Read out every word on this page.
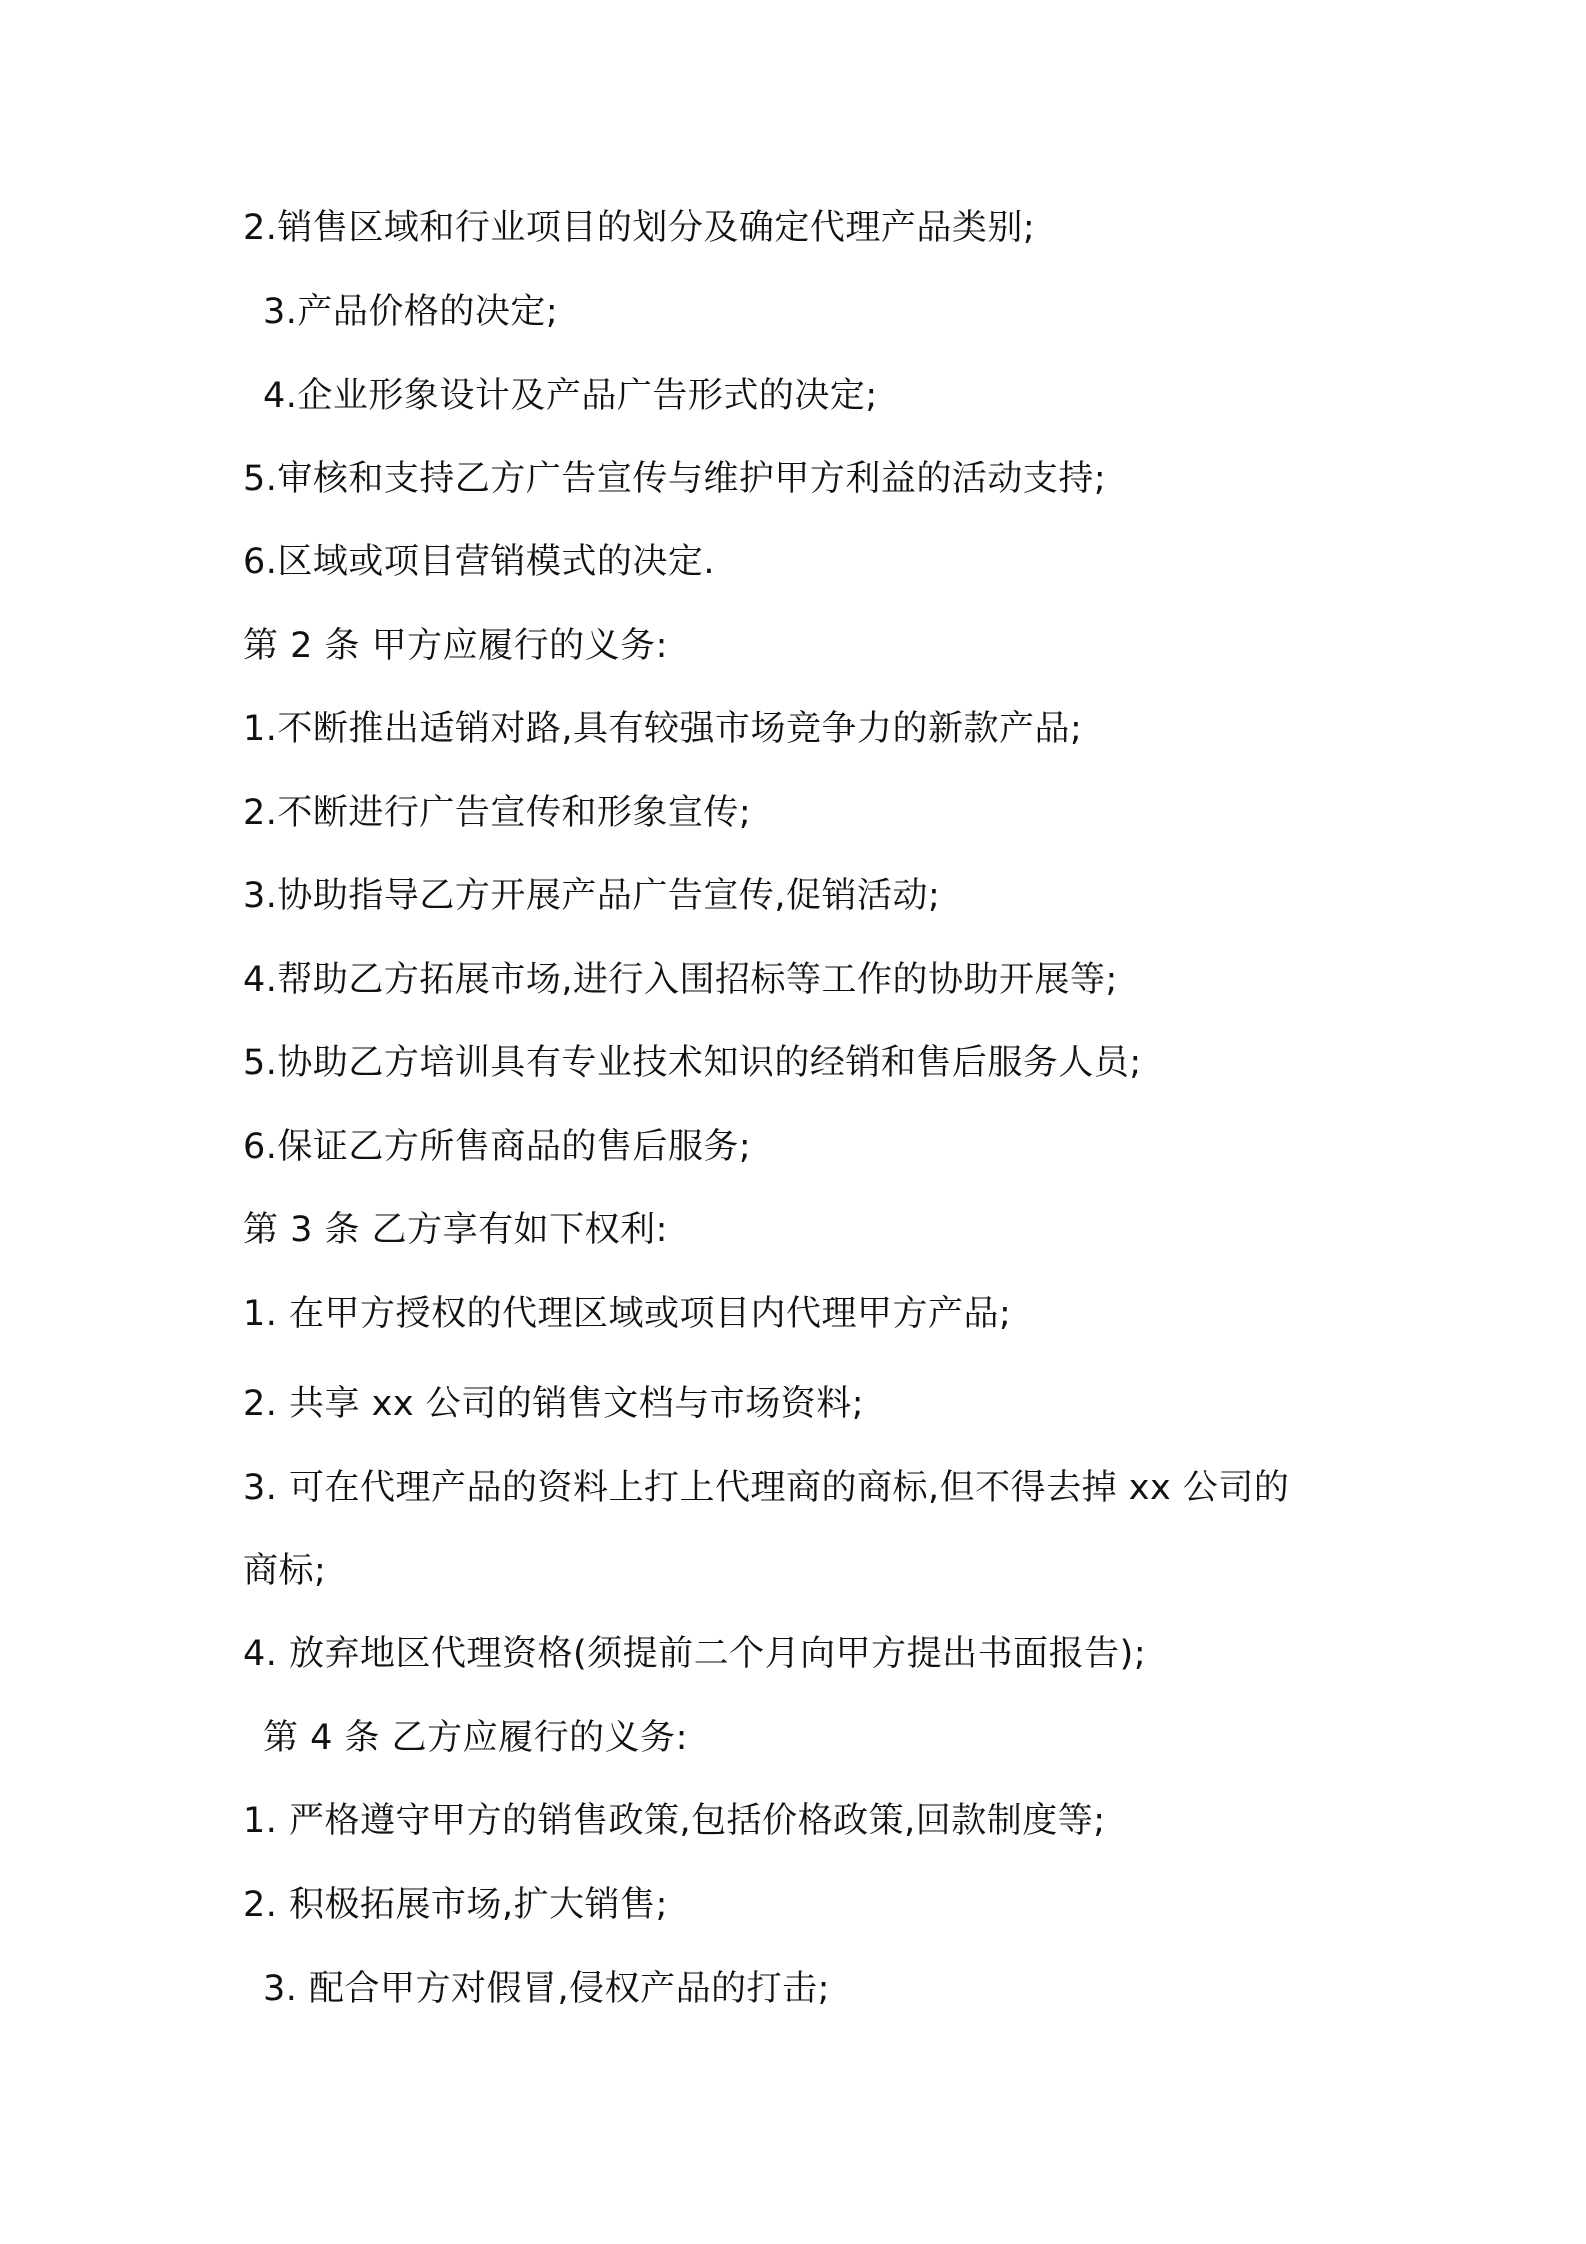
2.销售区域和行业项目的划分及确定代理产品类别;

3.产品价格的决定;

4.企业形象设计及产品广告形式的决定;

5.审核和支持乙方广告宣传与维护甲方利益的活动支持;

6.区域或项目营销模式的决定.

第 2 条 甲方应履行的义务:

1.不断推出适销对路,具有较强市场竞争力的新款产品;

2.不断进行广告宣传和形象宣传;

3.协助指导乙方开展产品广告宣传,促销活动;

4.帮助乙方拓展市场,进行入围招标等工作的协助开展等;

5.协助乙方培训具有专业技术知识的经销和售后服务人员;

6.保证乙方所售商品的售后服务;

第 3 条 乙方享有如下权利:

1. 在甲方授权的代理区域或项目内代理甲方产品;

2. 共享 xx 公司的销售文档与市场资料;

3. 可在代理产品的资料上打上代理商的商标,但不得去掉 xx 公司的

商标;

4. 放弃地区代理资格(须提前二个月向甲方提出书面报告);

第 4 条 乙方应履行的义务:

1. 严格遵守甲方的销售政策,包括价格政策,回款制度等;

2. 积极拓展市场,扩大销售;

3. 配合甲方对假冒,侵权产品的打击;
